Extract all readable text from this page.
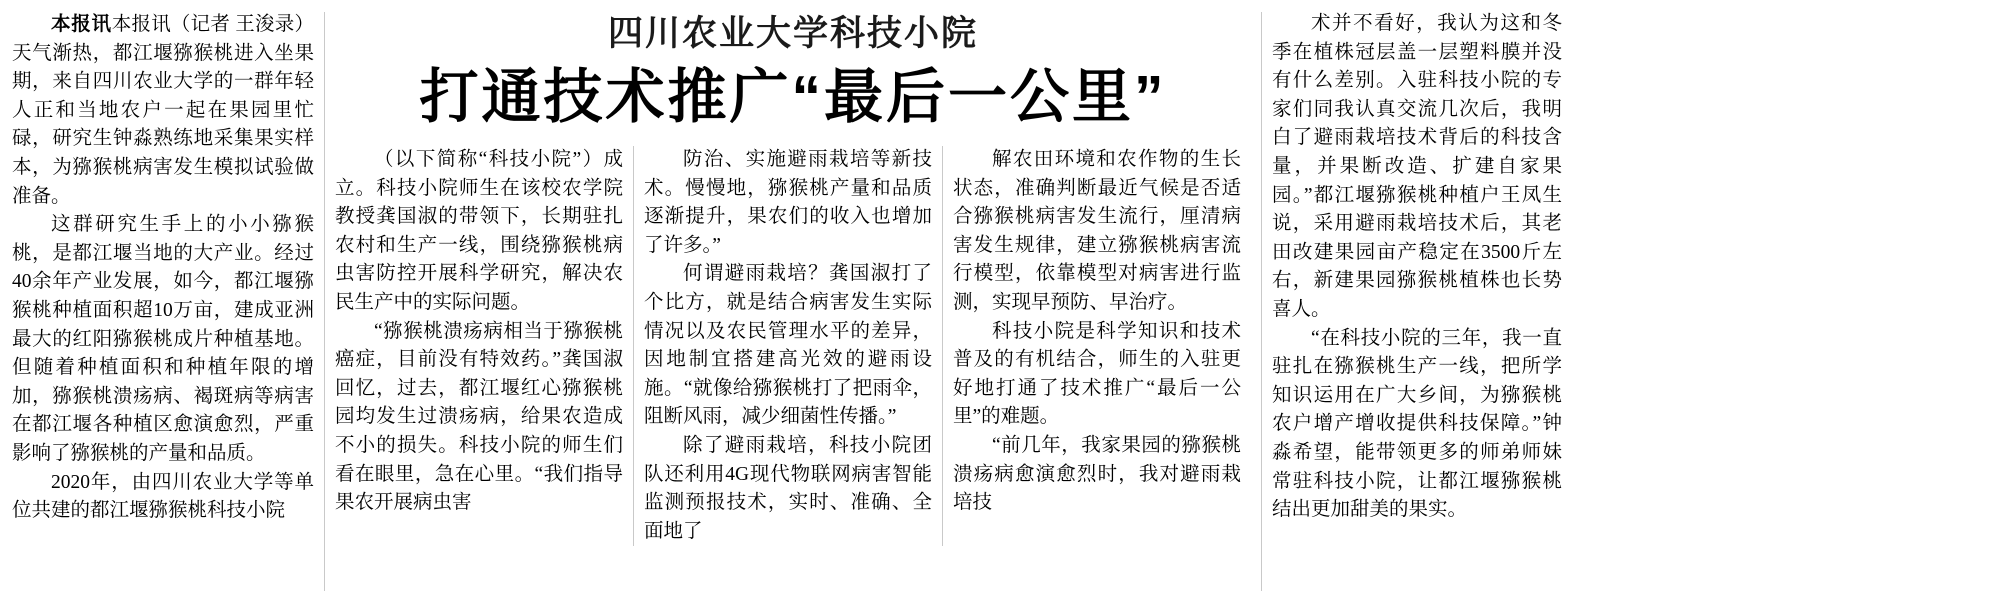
本报讯本报讯（记者 王浚录）天气渐热，都江堰猕猴桃进入坐果期，来自四川农业大学的一群年轻人正和当地农户一起在果园里忙碌，研究生钟淼熟练地采集果实样本，为猕猴桃病害发生模拟试验做准备。

这群研究生手上的小小猕猴桃，是都江堰当地的大产业。经过40余年产业发展，如今，都江堰猕猴桃种植面积超10万亩，建成亚洲最大的红阳猕猴桃成片种植基地。但随着种植面积和种植年限的增加，猕猴桃溃疡病、褐斑病等病害在都江堰各种植区愈演愈烈，严重影响了猕猴桃的产量和品质。

2020年，由四川农业大学等单位共建的都江堰猕猴桃科技小院

四川农业大学科技小院
打通技术推广“最后一公里”

（以下简称“科技小院”）成立。科技小院师生在该校农学院教授龚国淑的带领下，长期驻扎农村和生产一线，围绕猕猴桃病虫害防控开展科学研究，解决农民生产中的实际问题。

“猕猴桃溃疡病相当于猕猴桃癌症，目前没有特效药。”龚国淑回忆，过去，都江堰红心猕猴桃园均发生过溃疡病，给果农造成不小的损失。科技小院的师生们看在眼里，急在心里。“我们指导果农开展病虫害

防治、实施避雨栽培等新技术。慢慢地，猕猴桃产量和品质逐渐提升，果农们的收入也增加了许多。”

何谓避雨栽培？龚国淑打了个比方，就是结合病害发生实际情况以及农民管理水平的差异，因地制宜搭建高光效的避雨设施。“就像给猕猴桃打了把雨伞，阻断风雨，减少细菌性传播。”

除了避雨栽培，科技小院团队还利用4G现代物联网病害智能监测预报技术，实时、准确、全面地了

解农田环境和农作物的生长状态，准确判断最近气候是否适合猕猴桃病害发生流行，厘清病害发生规律，建立猕猴桃病害流行模型，依靠模型对病害进行监测，实现早预防、早治疗。

科技小院是科学知识和技术普及的有机结合，师生的入驻更好地打通了技术推广“最后一公里”的难题。

“前几年，我家果园的猕猴桃溃疡病愈演愈烈时，我对避雨栽培技

术并不看好，我认为这和冬季在植株冠层盖一层塑料膜并没有什么差别。入驻科技小院的专家们同我认真交流几次后，我明白了避雨栽培技术背后的科技含量，并果断改造、扩建自家果园。”都江堰猕猴桃种植户王凤生说，采用避雨栽培技术后，其老田改建果园亩产稳定在3500斤左右，新建果园猕猴桃植株也长势喜人。

“在科技小院的三年，我一直驻扎在猕猴桃生产一线，把所学知识运用在广大乡间，为猕猴桃农户增产增收提供科技保障。”钟淼希望，能带领更多的师弟师妹常驻科技小院，让都江堰猕猴桃结出更加甜美的果实。
